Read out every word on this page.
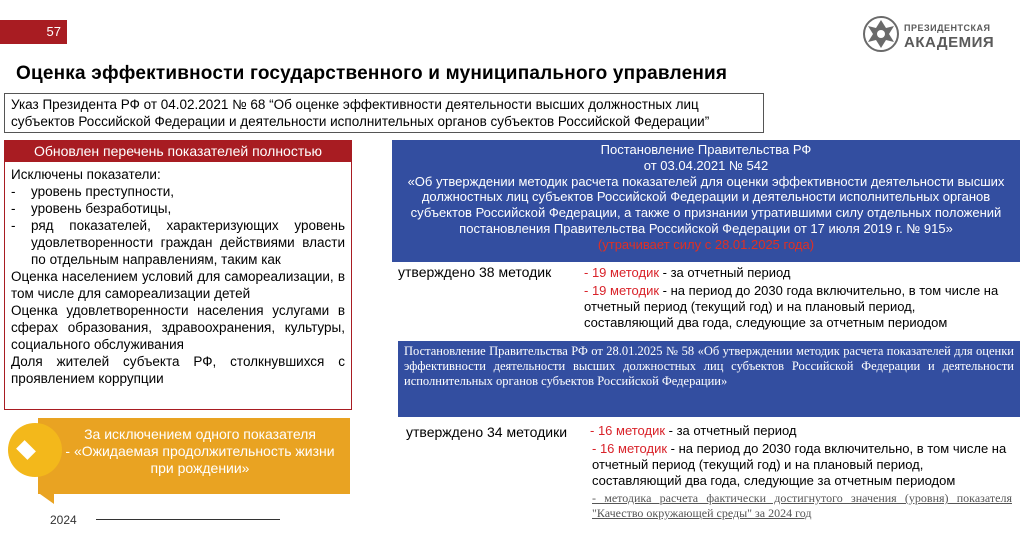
57	ПРЕЗИДЕНТСКАЯ
АКАДЕМИЯ
Оценка эффективности государственного и муниципального управления
Указ Президента РФ от 04.02.2021 № 68 “Об оценке эффективности деятельности высших должностных лиц субъектов Российской Федерации и деятельности исполнительных органов субъектов Российской Федерации”
Обновлен перечень показателей полностью
Исключены показатели:
-	уровень преступности,
-	уровень безработицы,
-	ряд показателей, характеризующих уровень удовлетворенности граждан действиями власти по отдельным направлениям, таким как
Оценка населением условий для самореализации, в том числе для самореализации детей
Оценка удовлетворенности населения услугами в сферах образования, здравоохранения, культуры, социального обслуживания
Доля жителей субъекта РФ, столкнувшихся с проявлением коррупции
Постановление Правительства РФ
от 03.04.2021 № 542
«Об утверждении методик расчета показателей для оценки эффективности деятельности высших должностных лиц субъектов Российской Федерации и деятельности исполнительных органов субъектов Российской Федерации, а также о признании утратившими силу отдельных положений постановления Правительства Российской Федерации от 17 июля 2019 г. № 915»
(утрачивает силу с 28.01.2025 года)
утверждено 38 методик	- 19 методик - за отчетный период
- 19 методик - на период до 2030 года включительно, в том числе на отчетный период (текущий год) и на плановый период, составляющий два года, следующие за отчетным периодом
Постановление Правительства РФ от 28.01.2025 № 58 «Об утверждении методик расчета показателей для оценки эффективности деятельности высших должностных лиц субъектов Российской Федерации и деятельности исполнительных органов субъектов Российской Федерации»
утверждено 34 методики - 16 методик - за отчетный период
- 16 методик - на период до 2030 года включительно, в том числе на отчетный период (текущий год) и на плановый период, составляющий два года, следующие за отчетным периодом
- методика расчета фактически достигнутого значения (уровня) показателя "Качество окружающей среды" за 2024 год
За исключением одного показателя
- «Ожидаемая продолжительность жизни при рождении»
2024
